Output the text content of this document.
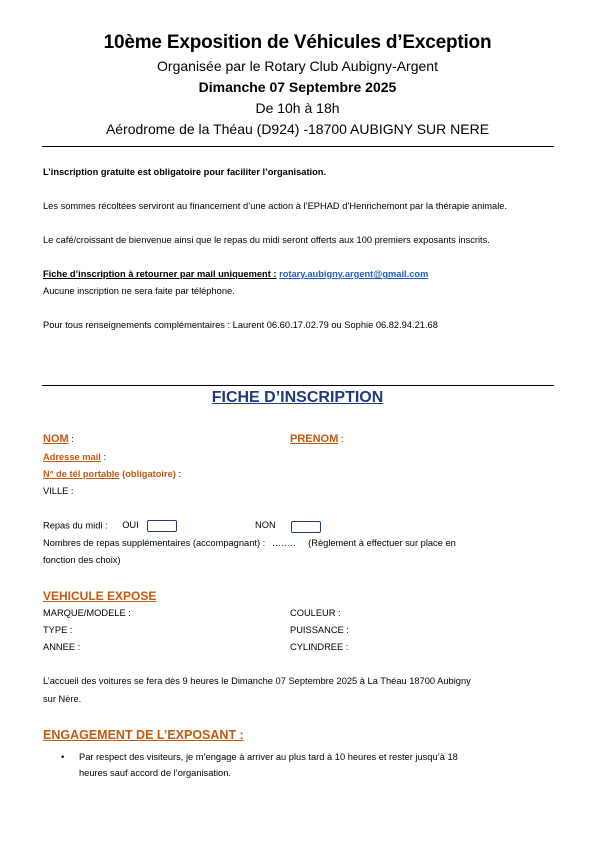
10ème Exposition de Véhicules d’Exception
Organisée par le Rotary Club Aubigny-Argent
Dimanche 07 Septembre 2025
De 10h à 18h
Aérodrome de la Théau (D924) -18700 AUBIGNY SUR NERE

L’inscription gratuite est obligatoire pour faciliter l’organisation.

Les sommes récoltées serviront au financement d’une action à l’EPHAD d’Henrichemont par la thérapie animale.

Le café/croissant de bienvenue ainsi que le repas du midi seront offerts aux 100 premiers exposants inscrits.

Fiche d’inscription à retourner par mail uniquement : rotary.aubigny.argent@gmail.com

Aucune inscription ne sera faite par téléphone.

Pour tous renseignements complémentaires : Laurent 06.60.17.02.79 ou Sophie 06.82.94.21.68

FICHE D’INSCRIPTION
NOM :	PRENOM :
Adresse mail :
N° de tél portable (obligatoire) :
VILLE :
Repas du midi : OUI	NON
Nombres de repas supplémentaires (accompagnant) : …….. (Règlement à effectuer sur place en
fonction des choix)
VEHICULE EXPOSE
MARQUE/MODELE :	COULEUR :
TYPE :	PUISSANCE :
ANNEE :	CYLINDREE :
L’accueil des voitures se fera dès 9 heures le Dimanche 07 Septembre 2025 à La Théau 18700 Aubigny
sur Nère.
ENGAGEMENT DE L’EXPOSANT :
• Par respect des visiteurs, je m’engage à arriver au plus tard à 10 heures et rester jusqu’à 18
heures sauf accord de l’organisation.
